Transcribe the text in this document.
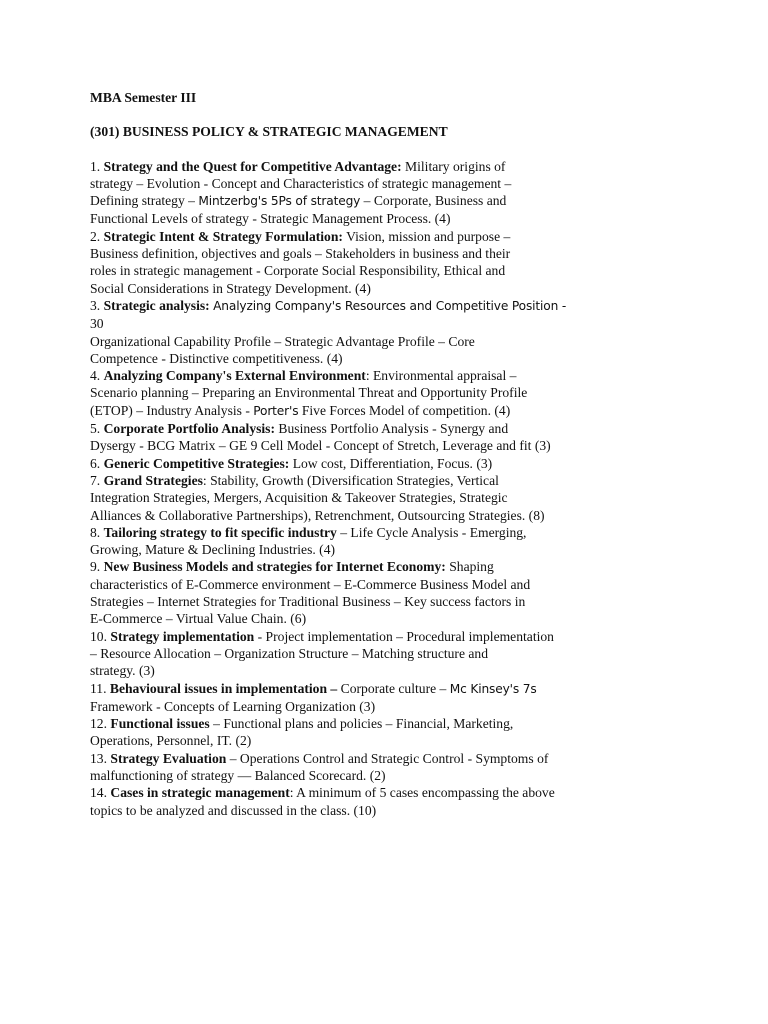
MBA Semester III

(301) BUSINESS POLICY & STRATEGIC MANAGEMENT

1. Strategy and the Quest for Competitive Advantage: Military origins of
strategy – Evolution - Concept and Characteristics of strategic management –
Defining strategy – Mintzerbg's 5Ps of strategy – Corporate, Business and
Functional Levels of strategy - Strategic Management Process. (4)
2. Strategic Intent & Strategy Formulation: Vision, mission and purpose –
Business definition, objectives and goals – Stakeholders in business and their
roles in strategic management - Corporate Social Responsibility, Ethical and
Social Considerations in Strategy Development. (4)
3. Strategic analysis: Analyzing Company's Resources and Competitive Position -
30
Organizational Capability Profile – Strategic Advantage Profile – Core
Competence - Distinctive competitiveness. (4)
4. Analyzing Company's External Environment: Environmental appraisal –
Scenario planning – Preparing an Environmental Threat and Opportunity Profile
(ETOP) – Industry Analysis - Porter's Five Forces Model of competition. (4)
5. Corporate Portfolio Analysis: Business Portfolio Analysis - Synergy and
Dysergy - BCG Matrix – GE 9 Cell Model - Concept of Stretch, Leverage and fit (3)
6. Generic Competitive Strategies: Low cost, Differentiation, Focus. (3)
7. Grand Strategies: Stability, Growth (Diversification Strategies, Vertical
Integration Strategies, Mergers, Acquisition & Takeover Strategies, Strategic
Alliances & Collaborative Partnerships), Retrenchment, Outsourcing Strategies. (8)
8. Tailoring strategy to fit specific industry – Life Cycle Analysis - Emerging,
Growing, Mature & Declining Industries. (4)
9. New Business Models and strategies for Internet Economy: Shaping
characteristics of E-Commerce environment – E-Commerce Business Model and
Strategies – Internet Strategies for Traditional Business – Key success factors in
E-Commerce – Virtual Value Chain. (6)
10. Strategy implementation - Project implementation – Procedural implementation
– Resource Allocation – Organization Structure – Matching structure and
strategy. (3)
11. Behavioural issues in implementation – Corporate culture – Mc Kinsey's 7s
Framework - Concepts of Learning Organization (3)
12. Functional issues – Functional plans and policies – Financial, Marketing,
Operations, Personnel, IT. (2)
13. Strategy Evaluation – Operations Control and Strategic Control - Symptoms of
malfunctioning of strategy — Balanced Scorecard. (2)
14. Cases in strategic management: A minimum of 5 cases encompassing the above
topics to be analyzed and discussed in the class. (10)
